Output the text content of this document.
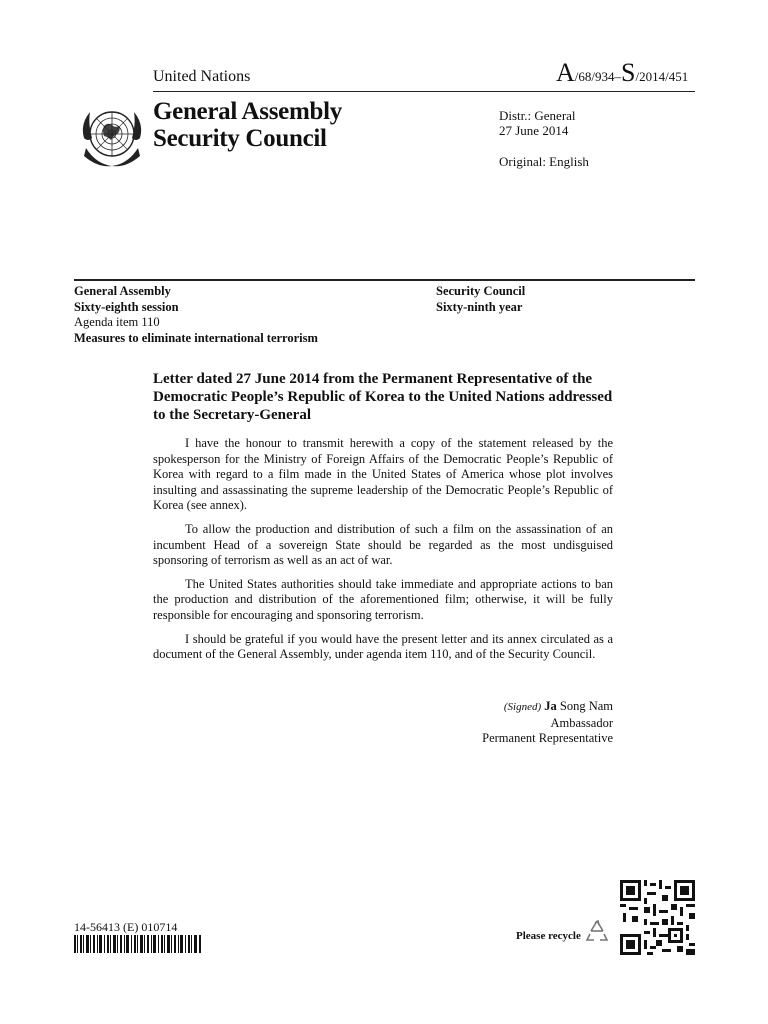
United Nations	A/68/934–S/2014/451
General Assembly
Security Council
Distr.: General
27 June 2014
Original: English
General Assembly
Sixty-eighth session
Agenda item 110
Measures to eliminate international terrorism
Security Council
Sixty-ninth year
Letter dated 27 June 2014 from the Permanent Representative of the Democratic People’s Republic of Korea to the United Nations addressed to the Secretary-General

I have the honour to transmit herewith a copy of the statement released by the spokesperson for the Ministry of Foreign Affairs of the Democratic People’s Republic of Korea with regard to a film made in the United States of America whose plot involves insulting and assassinating the supreme leadership of the Democratic People’s Republic of Korea (see annex).

To allow the production and distribution of such a film on the assassination of an incumbent Head of a sovereign State should be regarded as the most undisguised sponsoring of terrorism as well as an act of war.

The United States authorities should take immediate and appropriate actions to ban the production and distribution of the aforementioned film; otherwise, it will be fully responsible for encouraging and sponsoring terrorism.

I should be grateful if you would have the present letter and its annex circulated as a document of the General Assembly, under agenda item 110, and of the Security Council.

(Signed) Ja Song Nam
Ambassador
Permanent Representative
14-56413 (E) 010714
Please recycle
